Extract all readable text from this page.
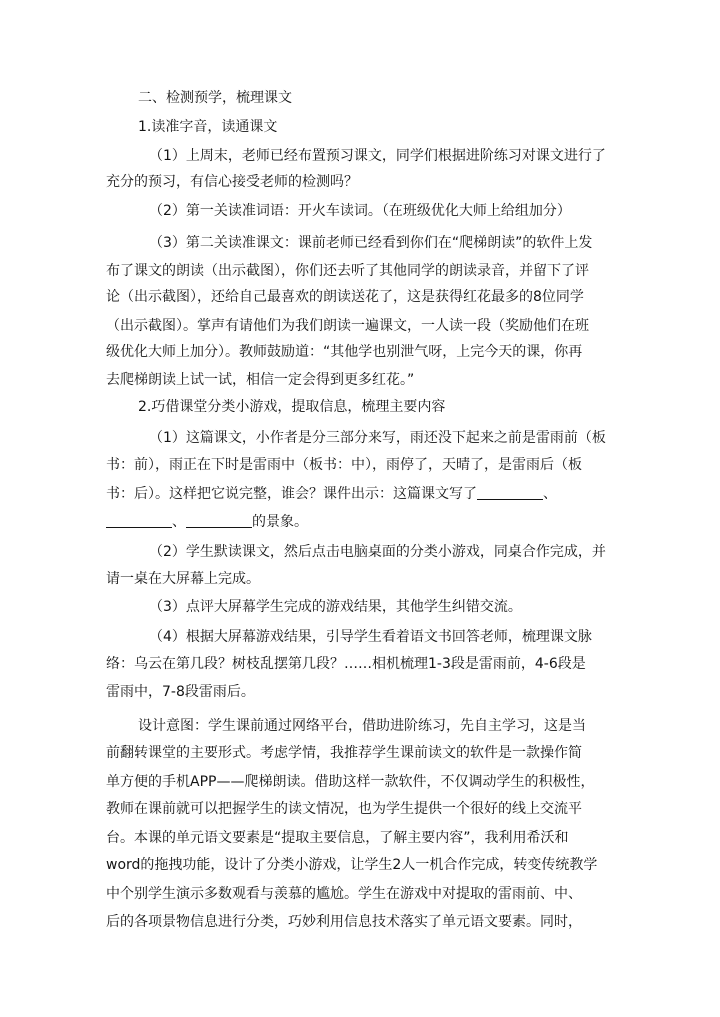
二、检测预学，梳理课文
1.读准字音，读通课文
（1）上周末，老师已经布置预习课文，同学们根据进阶练习对课文进行了
充分的预习，有信心接受老师的检测吗？
（2）第一关读准词语：开火车读词。（在班级优化大师上给组加分）
（3）第二关读准课文：课前老师已经看到你们在“爬梯朗读”的软件上发
布了课文的朗读（出示截图），你们还去听了其他同学的朗读录音，并留下了评
论（出示截图），还给自己最喜欢的朗读送花了，这是获得红花最多的8位同学
（出示截图）。掌声有请他们为我们朗读一遍课文，一人读一段（奖励他们在班
级优化大师上加分）。教师鼓励道：“其他学也别泄气呀，上完今天的课，你再
去爬梯朗读上试一试，相信一定会得到更多红花。”
2.巧借课堂分类小游戏，提取信息，梳理主要内容
（1）这篇课文，小作者是分三部分来写，雨还没下起来之前是雷雨前（板
书：前），雨正在下时是雷雨中（板书：中），雨停了，天晴了，是雷雨后（板
书：后）。这样把它说完整，谁会？课件出示：这篇课文写了	、
、	的景象。
（2）学生默读课文，然后点击电脑桌面的分类小游戏，同桌合作完成，并
请一桌在大屏幕上完成。
（3）点评大屏幕学生完成的游戏结果，其他学生纠错交流。
（4）根据大屏幕游戏结果，引导学生看着语文书回答老师，梳理课文脉
络：乌云在第几段？树枝乱摆第几段？……相机梳理1-3段是雷雨前，4-6段是
雷雨中，7-8段雷雨后。
设计意图：学生课前通过网络平台，借助进阶练习，先自主学习，这是当
前翻转课堂的主要形式。考虑学情，我推荐学生课前读文的软件是一款操作简
单方便的手机APP——爬梯朗读。借助这样一款软件，不仅调动学生的积极性，
教师在课前就可以把握学生的读文情况，也为学生提供一个很好的线上交流平
台。本课的单元语文要素是“提取主要信息，了解主要内容”，我利用希沃和
word的拖拽功能，设计了分类小游戏，让学生2人一机合作完成，转变传统教学
中个别学生演示多数观看与羡慕的尴尬。学生在游戏中对提取的雷雨前、中、
后的各项景物信息进行分类，巧妙利用信息技术落实了单元语文要素。同时，
